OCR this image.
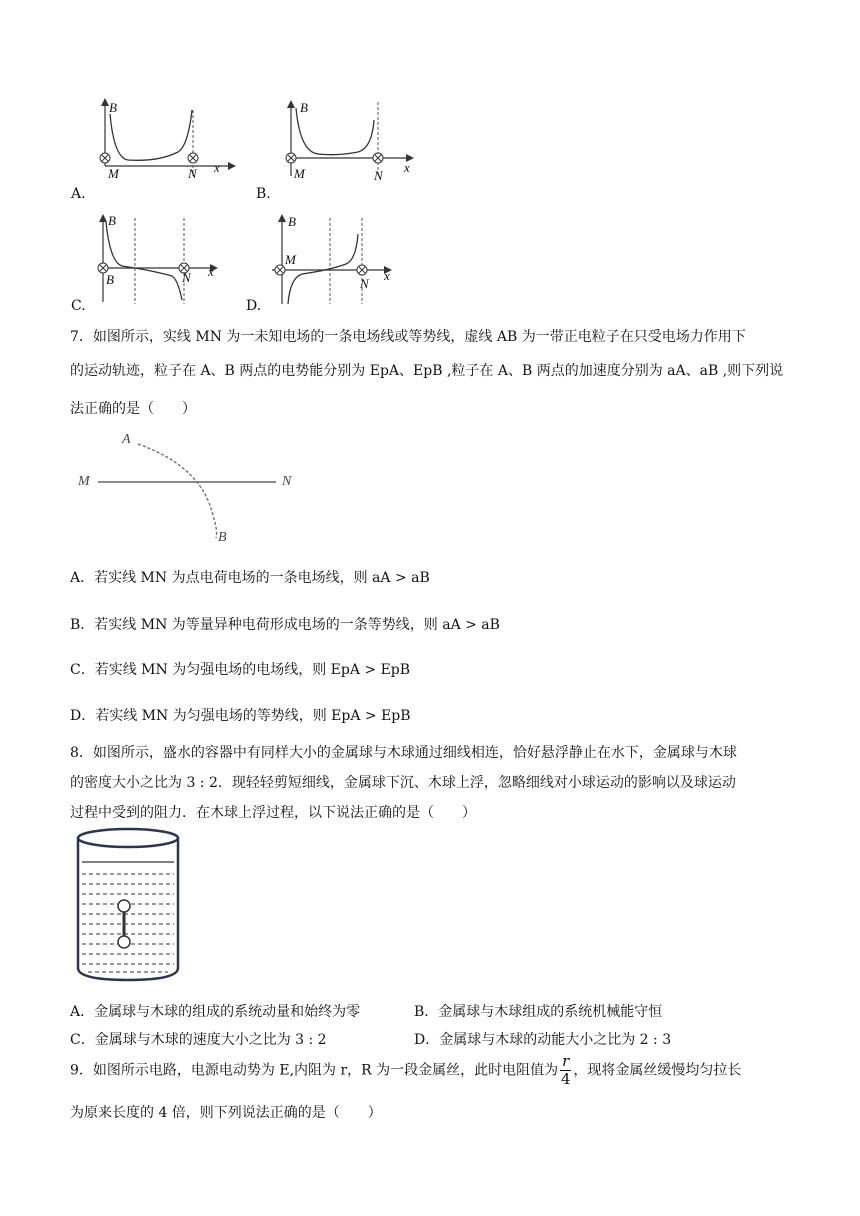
B
x
M	N
A.
B
x
M	N
B.
B
x
B	N
C.
B
x
M
N
D.
7．如图所示，实线 MN 为一未知电场的一条电场线或等势线，虚线 AB 为一带正电粒子在只受电场力作用下
的运动轨迹，粒子在 A、B 两点的电势能分别为 EpA、EpB ,粒子在 A、B 两点的加速度分别为 aA、aB ,则下列说
法正确的是（　　）
A
M	N
B
A．若实线 MN 为点电荷电场的一条电场线，则 aA > aB
B．若实线 MN 为等量异种电荷形成电场的一条等势线，则 aA > aB
C．若实线 MN 为匀强电场的电场线，则 EpA > EpB
D．若实线 MN 为匀强电场的等势线，则 EpA > EpB
8．如图所示，盛水的容器中有同样大小的金属球与木球通过细线相连，恰好悬浮静止在水下，金属球与木球
的密度大小之比为 3 : 2．现轻轻剪短细线，金属球下沉、木球上浮，忽略细线对小球运动的影响以及球运动
过程中受到的阻力．在木球上浮过程，以下说法正确的是（　　）
A．金属球与木球的组成的系统动量和始终为零	B．金属球与木球组成的系统机械能守恒
C．金属球与木球的速度大小之比为 3 : 2	D．金属球与木球的动能大小之比为 2 : 3
9．如图所示电路，电源电动势为 E,内阻为 r，R 为一段金属丝，此时电阻值为 $\frac{r}{4}$ ，现将金属丝缓慢均匀拉长
为原来长度的 4 倍，则下列说法正确的是（　　）
